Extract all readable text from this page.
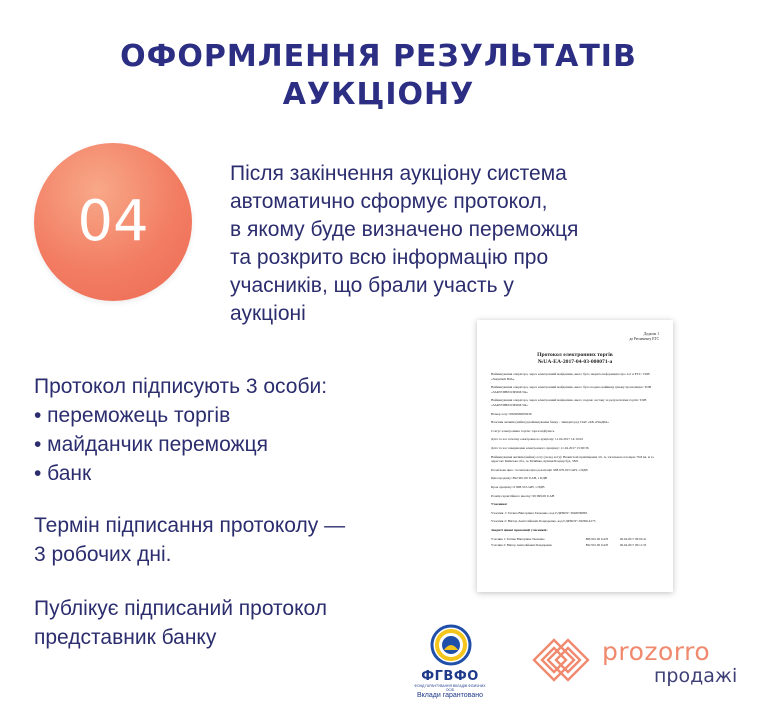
ОФОРМЛЕННЯ РЕЗУЛЬТАТІВ
АУКЦІОНУ
04
Після закінчення аукціону система
автоматично сформує протокол,
в якому буде визначено переможця
та розкрито всю інформацію про
учасників, що брали участь у
аукціоні
Протокол підписують 3 особи:
• переможець торгів
• майданчик переможця
• банк
Термін підписання протоколу —
3 робочих дні.
Публікує підписаний протокол
представник банку
Додаток 1
до Регламенту ЕТС
Протокол електронних торгів
№UA-EA-2017-04-03-000071-a
Найменування оператора, через електронний майданчик, якого було закрито інформацію про лот в ЕТС: ТОВ «Закупівлі ЮА»
Найменування оператора, через електронний майданчик, якого було подано найвищу цінову пропозицію: ТОВ «ЗАКУПІВЛІ.ПРОМ.УА»
Найменування оператора, через електронний майданчик, якого подано заставу за результатами торгів: ТОВ «ЗАКУПІВЛІ.ПРОМ.УА»
Номер лоту: 0820000603639
Власник активів (майна) (найменування банку - ліквідатора): ПАТ «КБ «НАДРА»
Статус електронних торгів: торги відбулись
Дата та час початку електронного аукціону: 11.04.2017 14:10:02
Дата та час завершення електронного аукціону: 11.04.2017 15:00:36
Найменування активів (майна) лоту (склад лоту): Нежитлові приміщення літ. А, загальною площею 79.8 кв. м за адресою: Київська обл., м. Біляївка, вулиця Бондар буд. 58/6
Початкова ціна / початкова ціна реалізації: 998 970.00 UAH, з ПДВ
Ціна продажу: 892 901.00 UAH, з ПДВ
Крок аукціону: 6 808.50 UAH, з ПДВ
Розмір гарантійного внеску: 99 999.00 UAH
Учасники:
Учасник 1: Тетяна Вікторівна Ткаченко, код ЄДРПОУ: 3646939865
Учасник 2: Віктор Анатолійович Бондаренко, код ЄДРПОУ: 2826914275
Закриті цінові пропозиції учасників:
Учасник 1: Тетяна Вікторівна Ткаченко	886 991.00 UAH	06.04.2017 09:02:41
Учасник 2: Віктор Анатолійович Бондаренко	892 901.00 UAH	06.04.2017 09:11:33
ФГВФО
ФОНД ГАРАНТУВАННЯ ВКЛАДІВ ФІЗИЧНИХ ОСІБ
Вклади гарантовано
prozorro
продажі
